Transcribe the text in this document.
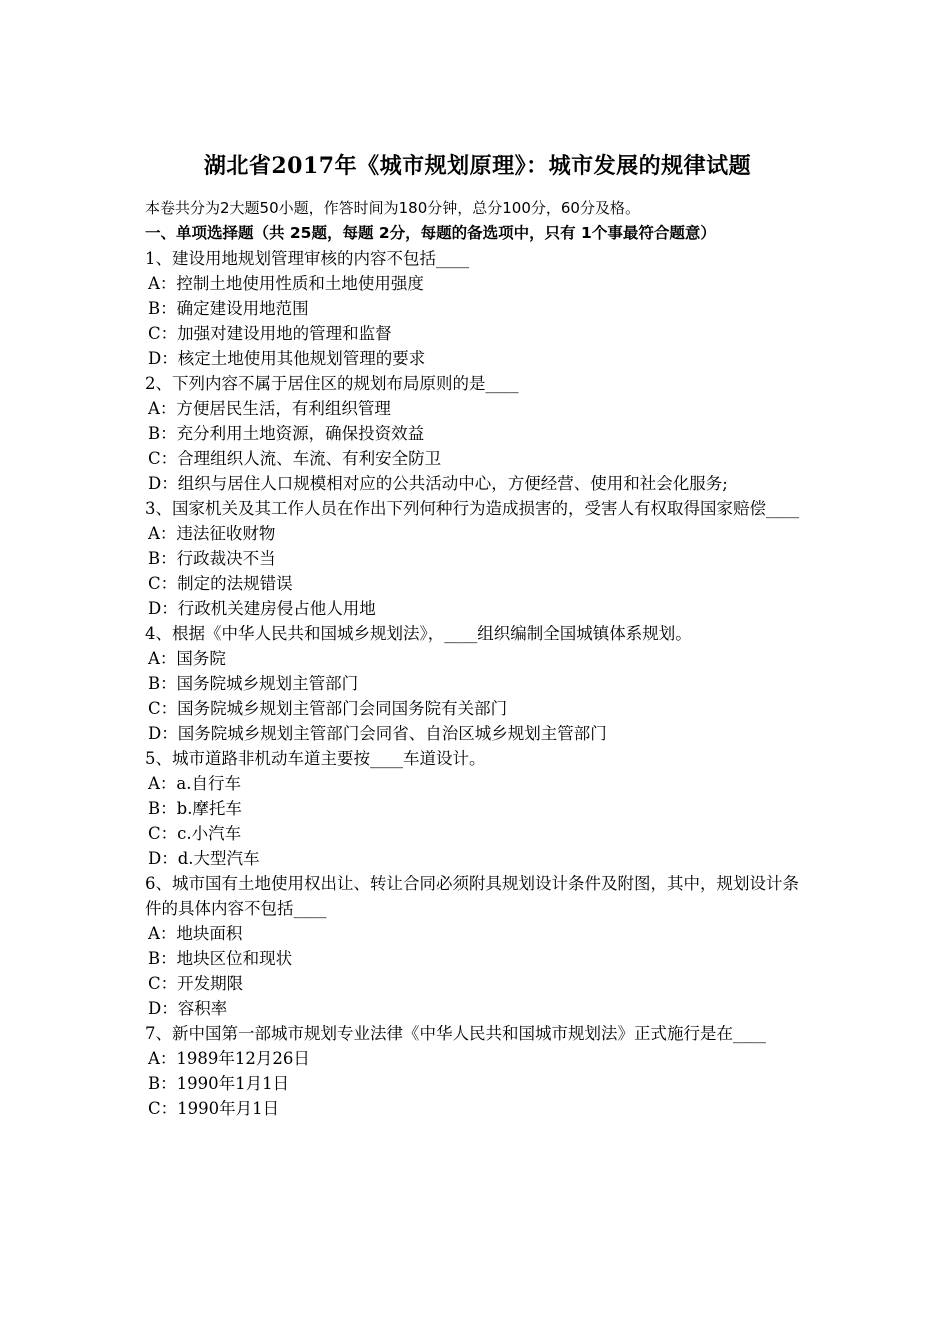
湖北省2017年《城市规划原理》：城市发展的规律试题

本卷共分为2大题50小题，作答时间为180分钟，总分100分，60分及格。

一、单项选择题（共 25题，每题 2分，每题的备选项中，只有 1个事最符合题意）

1、建设用地规划管理审核的内容不包括____

A：控制土地使用性质和土地使用强度

B：确定建设用地范围

C：加强对建设用地的管理和监督

D：核定土地使用其他规划管理的要求

2、下列内容不属于居住区的规划布局原则的是____

A：方便居民生活，有利组织管理

B：充分利用土地资源，确保投资效益

C：合理组织人流、车流、有利安全防卫

D：组织与居住人口规模相对应的公共活动中心，方便经营、使用和社会化服务;

3、国家机关及其工作人员在作出下列何种行为造成损害的，受害人有权取得国家赔偿____

A：违法征收财物

B：行政裁决不当

C：制定的法规错误

D：行政机关建房侵占他人用地

4、根据《中华人民共和国城乡规划法》，____组织编制全国城镇体系规划。

A：国务院

B：国务院城乡规划主管部门

C：国务院城乡规划主管部门会同国务院有关部门

D：国务院城乡规划主管部门会同省、自治区城乡规划主管部门

5、城市道路非机动车道主要按____车道设计。

A：a.自行车

B：b.摩托车

C：c.小汽车

D：d.大型汽车

6、城市国有土地使用权出让、转让合同必须附具规划设计条件及附图，其中，规划设计条件的具体内容不包括____

A：地块面积

B：地块区位和现状

C：开发期限

D：容积率

7、新中国第一部城市规划专业法律《中华人民共和国城市规划法》正式施行是在____

A：1989年12月26日

B：1990年1月1日

C：1990年月1日
